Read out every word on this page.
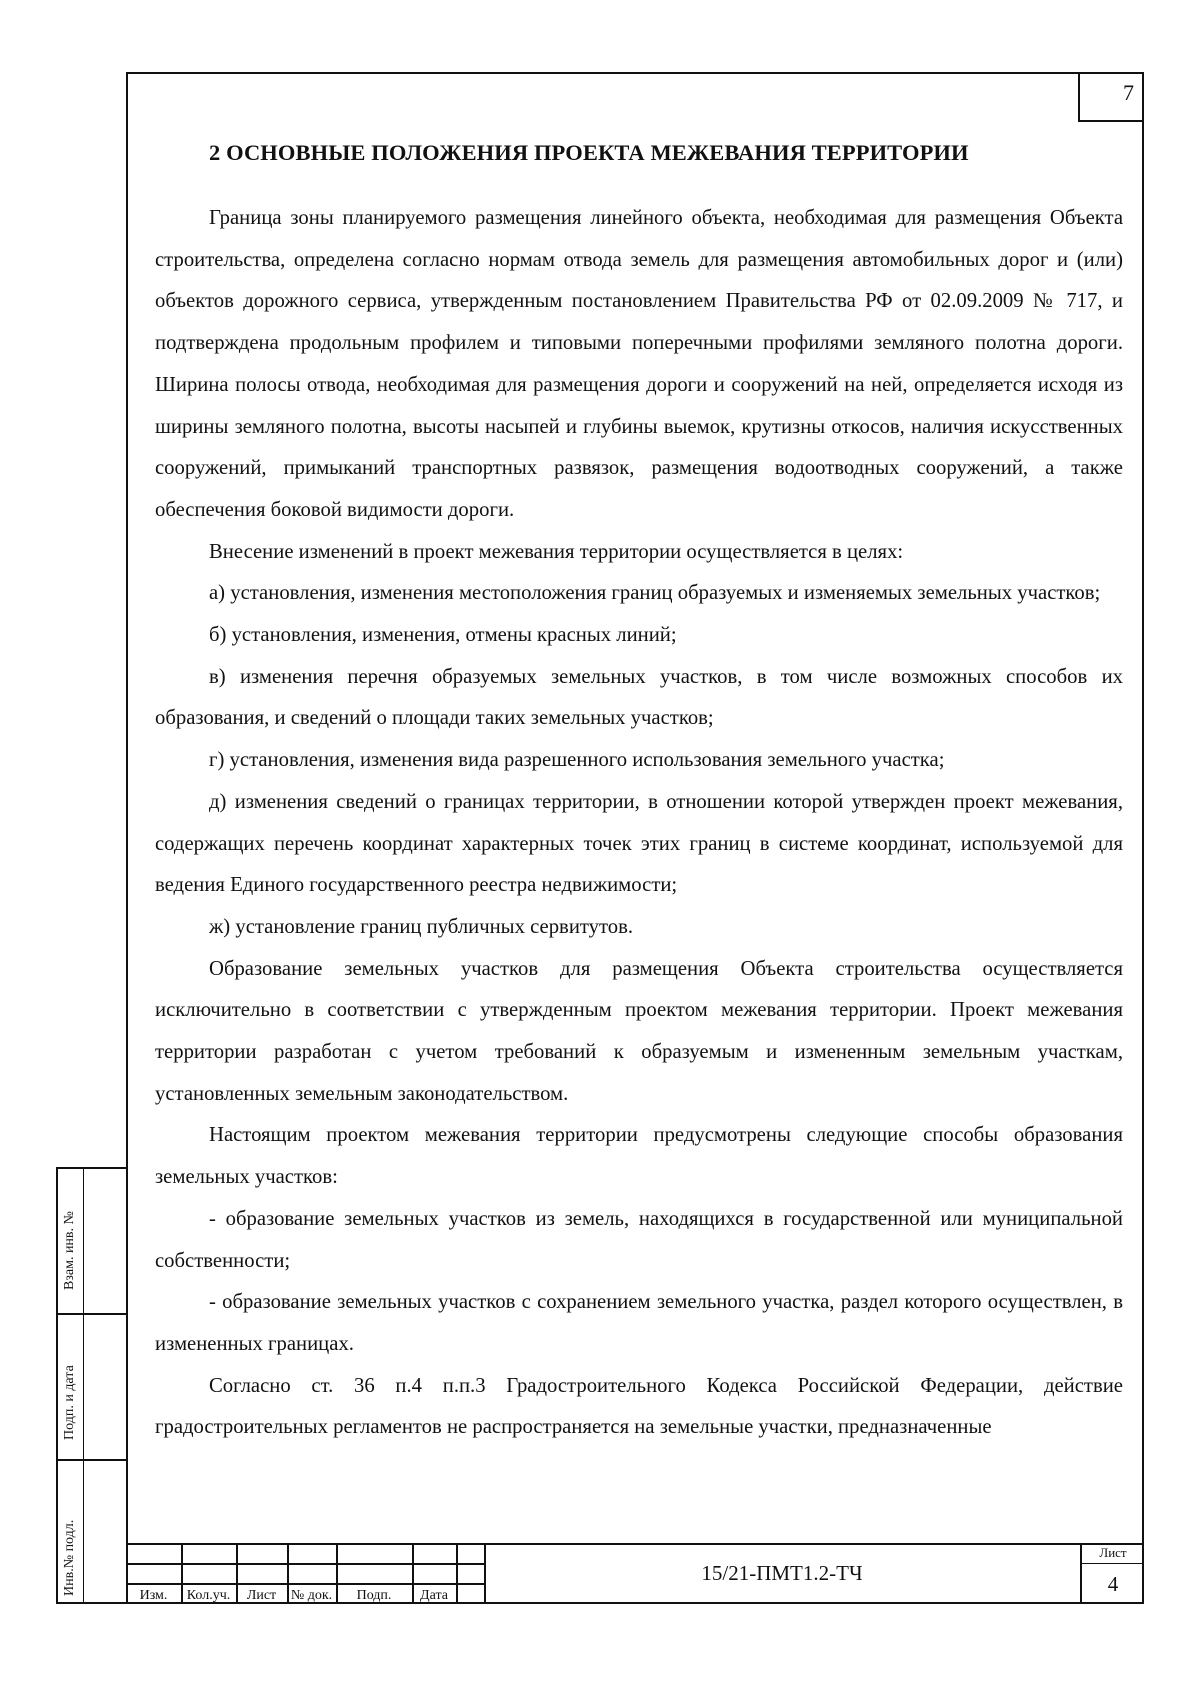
7
2 ОСНОВНЫЕ ПОЛОЖЕНИЯ ПРОЕКТА МЕЖЕВАНИЯ ТЕРРИТОРИИ

Граница зоны планируемого размещения линейного объекта, необходимая для размещения Объекта строительства, определена согласно нормам отвода земель для размещения автомобильных дорог и (или) объектов дорожного сервиса, утвержденным постановлением Правительства РФ от 02.09.2009 № 717, и подтверждена продольным профилем и типовыми поперечными профилями земляного полотна дороги. Ширина полосы отвода, необходимая для размещения дороги и сооружений на ней, определяется исходя из ширины земляного полотна, высоты насыпей и глубины выемок, крутизны откосов, наличия искусственных сооружений, примыканий транспортных развязок, размещения водоотводных сооружений, а также обеспечения боковой видимости дороги.

Внесение изменений в проект межевания территории осуществляется в целях:

а) установления, изменения местоположения границ образуемых и изменяемых земельных участков;

б) установления, изменения, отмены красных линий;

в) изменения перечня образуемых земельных участков, в том числе возможных способов их образования, и сведений о площади таких земельных участков;

г) установления, изменения вида разрешенного использования земельного участка;

д) изменения сведений о границах территории, в отношении которой утвержден проект межевания, содержащих перечень координат характерных точек этих границ в системе координат, используемой для ведения Единого государственного реестра недвижимости;

ж) установление границ публичных сервитутов.

Образование земельных участков для размещения Объекта строительства осуществляется исключительно в соответствии с утвержденным проектом межевания территории. Проект межевания территории разработан с учетом требований к образуемым и измененным земельным участкам, установленных земельным законодательством.

Настоящим проектом межевания территории предусмотрены следующие способы образования земельных участков:

- образование земельных участков из земель, находящихся в государственной или муниципальной собственности;

- образование земельных участков с сохранением земельного участка, раздел которого осуществлен, в измененных границах.

Согласно ст. 36 п.4 п.п.3 Градостроительного Кодекса Российской Федерации, действие градостроительных регламентов не распространяется на земельные участки, предназначенные

Взам. инв. №
Подп. и дата
Инв.№ подл.	Изм.	Кол.уч.	Лист	№ док.	Подп.	Дата
15/21-ПМТ1.2-ТЧ
Лист
4
